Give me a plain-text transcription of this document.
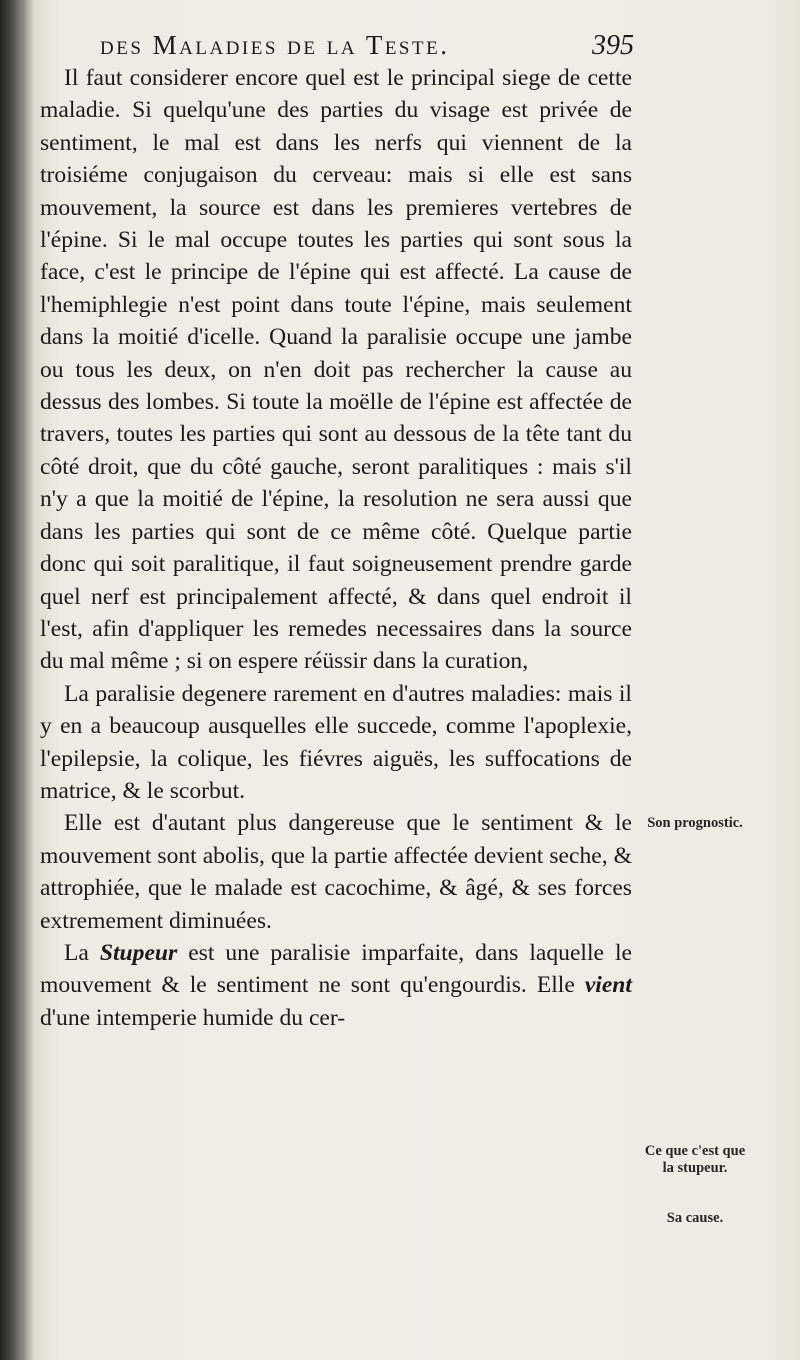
des Maladies de la Teste.	395

Il faut considerer encore quel est le principal siege de cette maladie. Si quelqu'une des parties du visage est privée de sentiment, le mal est dans les nerfs qui viennent de la troisiéme conjugaison du cerveau: mais si elle est sans mouvement, la source est dans les premieres vertebres de l'épine. Si le mal occupe toutes les parties qui sont sous la face, c'est le principe de l'épine qui est affecté. La cause de l'hemiphlegie n'est point dans toute l'épine, mais seulement dans la moitié d'icelle. Quand la paralisie occupe une jambe ou tous les deux, on n'en doit pas rechercher la cause au dessus des lombes. Si toute la moëlle de l'épine est affectée de travers, toutes les parties qui sont au dessous de la tête tant du côté droit, que du côté gauche, seront paralitiques : mais s'il n'y a que la moitié de l'épine, la resolution ne sera aussi que dans les parties qui sont de ce même côté. Quelque partie donc qui soit paralitique, il faut soigneusement prendre garde quel nerf est principalement affecté, & dans quel endroit il l'est, afin d'appliquer les remedes necessaires dans la source du mal même ; si on espere réüssir dans la curation,

La paralisie degenere rarement en d'autres maladies: mais il y en a beaucoup ausquelles elle succede, comme l'apoplexie, l'epilepsie, la colique, les fiévres aiguës, les suffocations de matrice, & le scorbut.

Elle est d'autant plus dangereuse que le sentiment & le mouvement sont abolis, que la partie affectée devient seche, & attrophiée, que le malade est cacochime, & âgé, & ses forces extremement diminuées.

La Stupeur est une paralisie imparfaite, dans laquelle le mouvement & le sentiment ne sont qu'engourdis. Elle vient d'une intemperie humide du cer-

Son prognostic.
Ce que c'est que la stupeur.
Sa cause.
